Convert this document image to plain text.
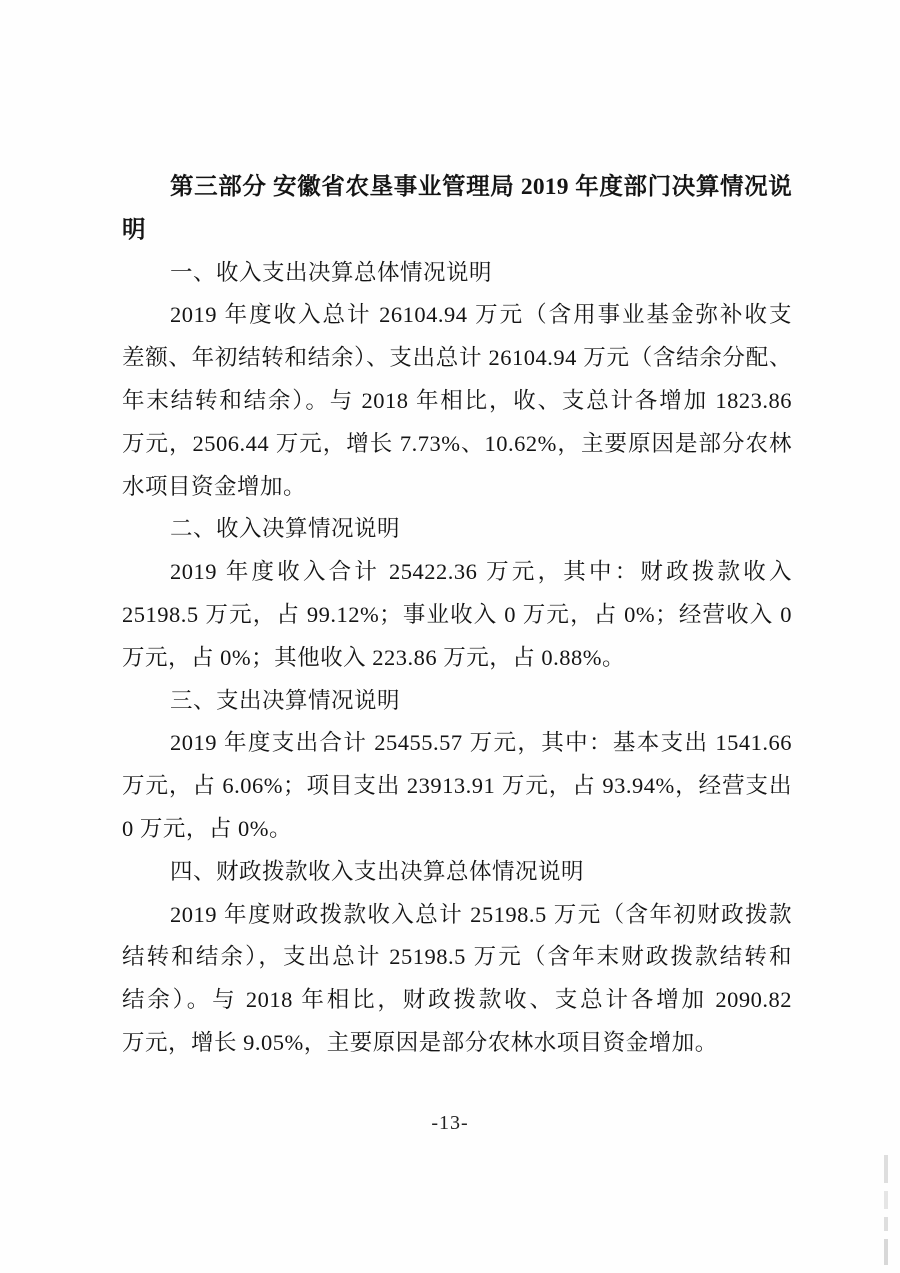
第三部分 安徽省农垦事业管理局 2019 年度部门决算情况说
明
一、收入支出决算总体情况说明
2019 年度收入总计 26104.94 万元（含用事业基金弥补收支
差额、年初结转和结余）、支出总计 26104.94 万元（含结余分配、
年末结转和结余）。与 2018 年相比，收、支总计各增加 1823.86
万元，2506.44 万元，增长 7.73%、10.62%，主要原因是部分农林
水项目资金增加。
二、收入决算情况说明
2019 年度收入合计 25422.36 万元，其中：财政拨款收入
25198.5 万元，占 99.12%；事业收入 0 万元，占 0%；经营收入 0
万元，占 0%；其他收入 223.86 万元，占 0.88%。
三、支出决算情况说明
2019 年度支出合计 25455.57 万元，其中：基本支出 1541.66
万元，占 6.06%；项目支出 23913.91 万元，占 93.94%，经营支出
0 万元，占 0%。
四、财政拨款收入支出决算总体情况说明
2019 年度财政拨款收入总计 25198.5 万元（含年初财政拨款
结转和结余），支出总计 25198.5 万元（含年末财政拨款结转和
结余）。与 2018 年相比，财政拨款收、支总计各增加 2090.82
万元，增长 9.05%，主要原因是部分农林水项目资金增加。
-13-
